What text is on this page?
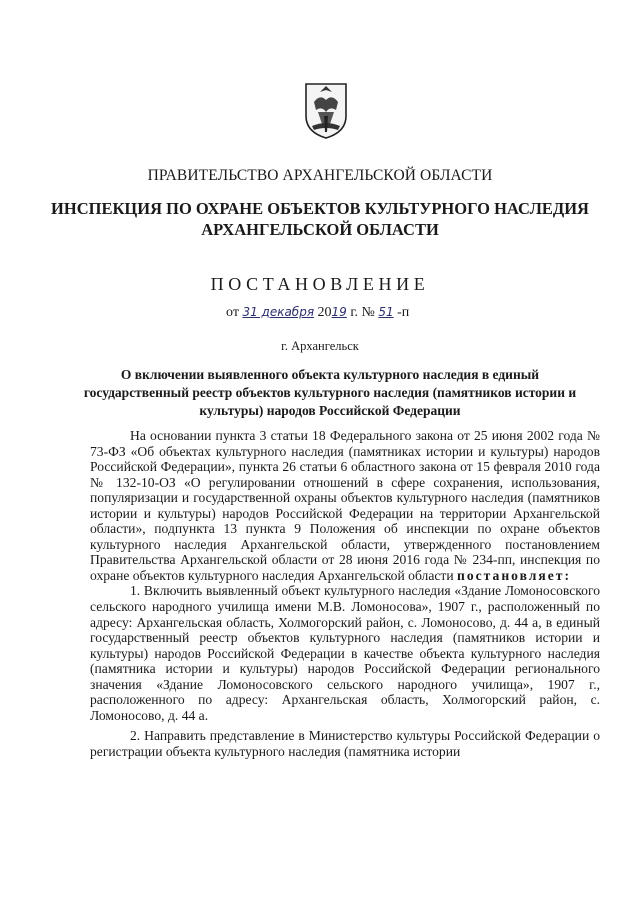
ПРАВИТЕЛЬСТВО АРХАНГЕЛЬСКОЙ ОБЛАСТИ
ИНСПЕКЦИЯ ПО ОХРАНЕ ОБЪЕКТОВ КУЛЬТУРНОГО НАСЛЕДИЯ
АРХАНГЕЛЬСКОЙ ОБЛАСТИ
ПОСТАНОВЛЕНИЕ
от 31 декабря 2019 г. № 51 -п
г. Архангельск
О включении выявленного объекта культурного наследия в единый государственный реестр объектов культурного наследия (памятников истории и культуры) народов Российской Федерации

На основании пункта 3 статьи 18 Федерального закона от 25 июня 2002 года № 73-ФЗ «Об объектах культурного наследия (памятниках истории и культуры) народов Российской Федерации», пункта 26 статьи 6 областного закона от 15 февраля 2010 года № 132-10-ОЗ «О регулировании отношений в сфере сохранения, использования, популяризации и государственной охраны объектов культурного наследия (памятников истории и культуры) народов Российской Федерации на территории Архангельской области», подпункта 13 пункта 9 Положения об инспекции по охране объектов культурного наследия Архангельской области, утвержденного постановлением Правительства Архангельской области от 28 июня 2016 года № 234-пп, инспекция по охране объектов культурного наследия Архангельской области постановляет:

1. Включить выявленный объект культурного наследия «Здание Ломоносовского сельского народного училища имени М.В. Ломоносова», 1907 г., расположенный по адресу: Архангельская область, Холмогорский район, с. Ломоносово, д. 44 а, в единый государственный реестр объектов культурного наследия (памятников истории и культуры) народов Российской Федерации в качестве объекта культурного наследия (памятника истории и культуры) народов Российской Федерации регионального значения «Здание Ломоносовского сельского народного училища», 1907 г., расположенного по адресу: Архангельская область, Холмогорский район, с. Ломоносово, д. 44 а.

2. Направить представление в Министерство культуры Российской Федерации о регистрации объекта культурного наследия (памятника истории
